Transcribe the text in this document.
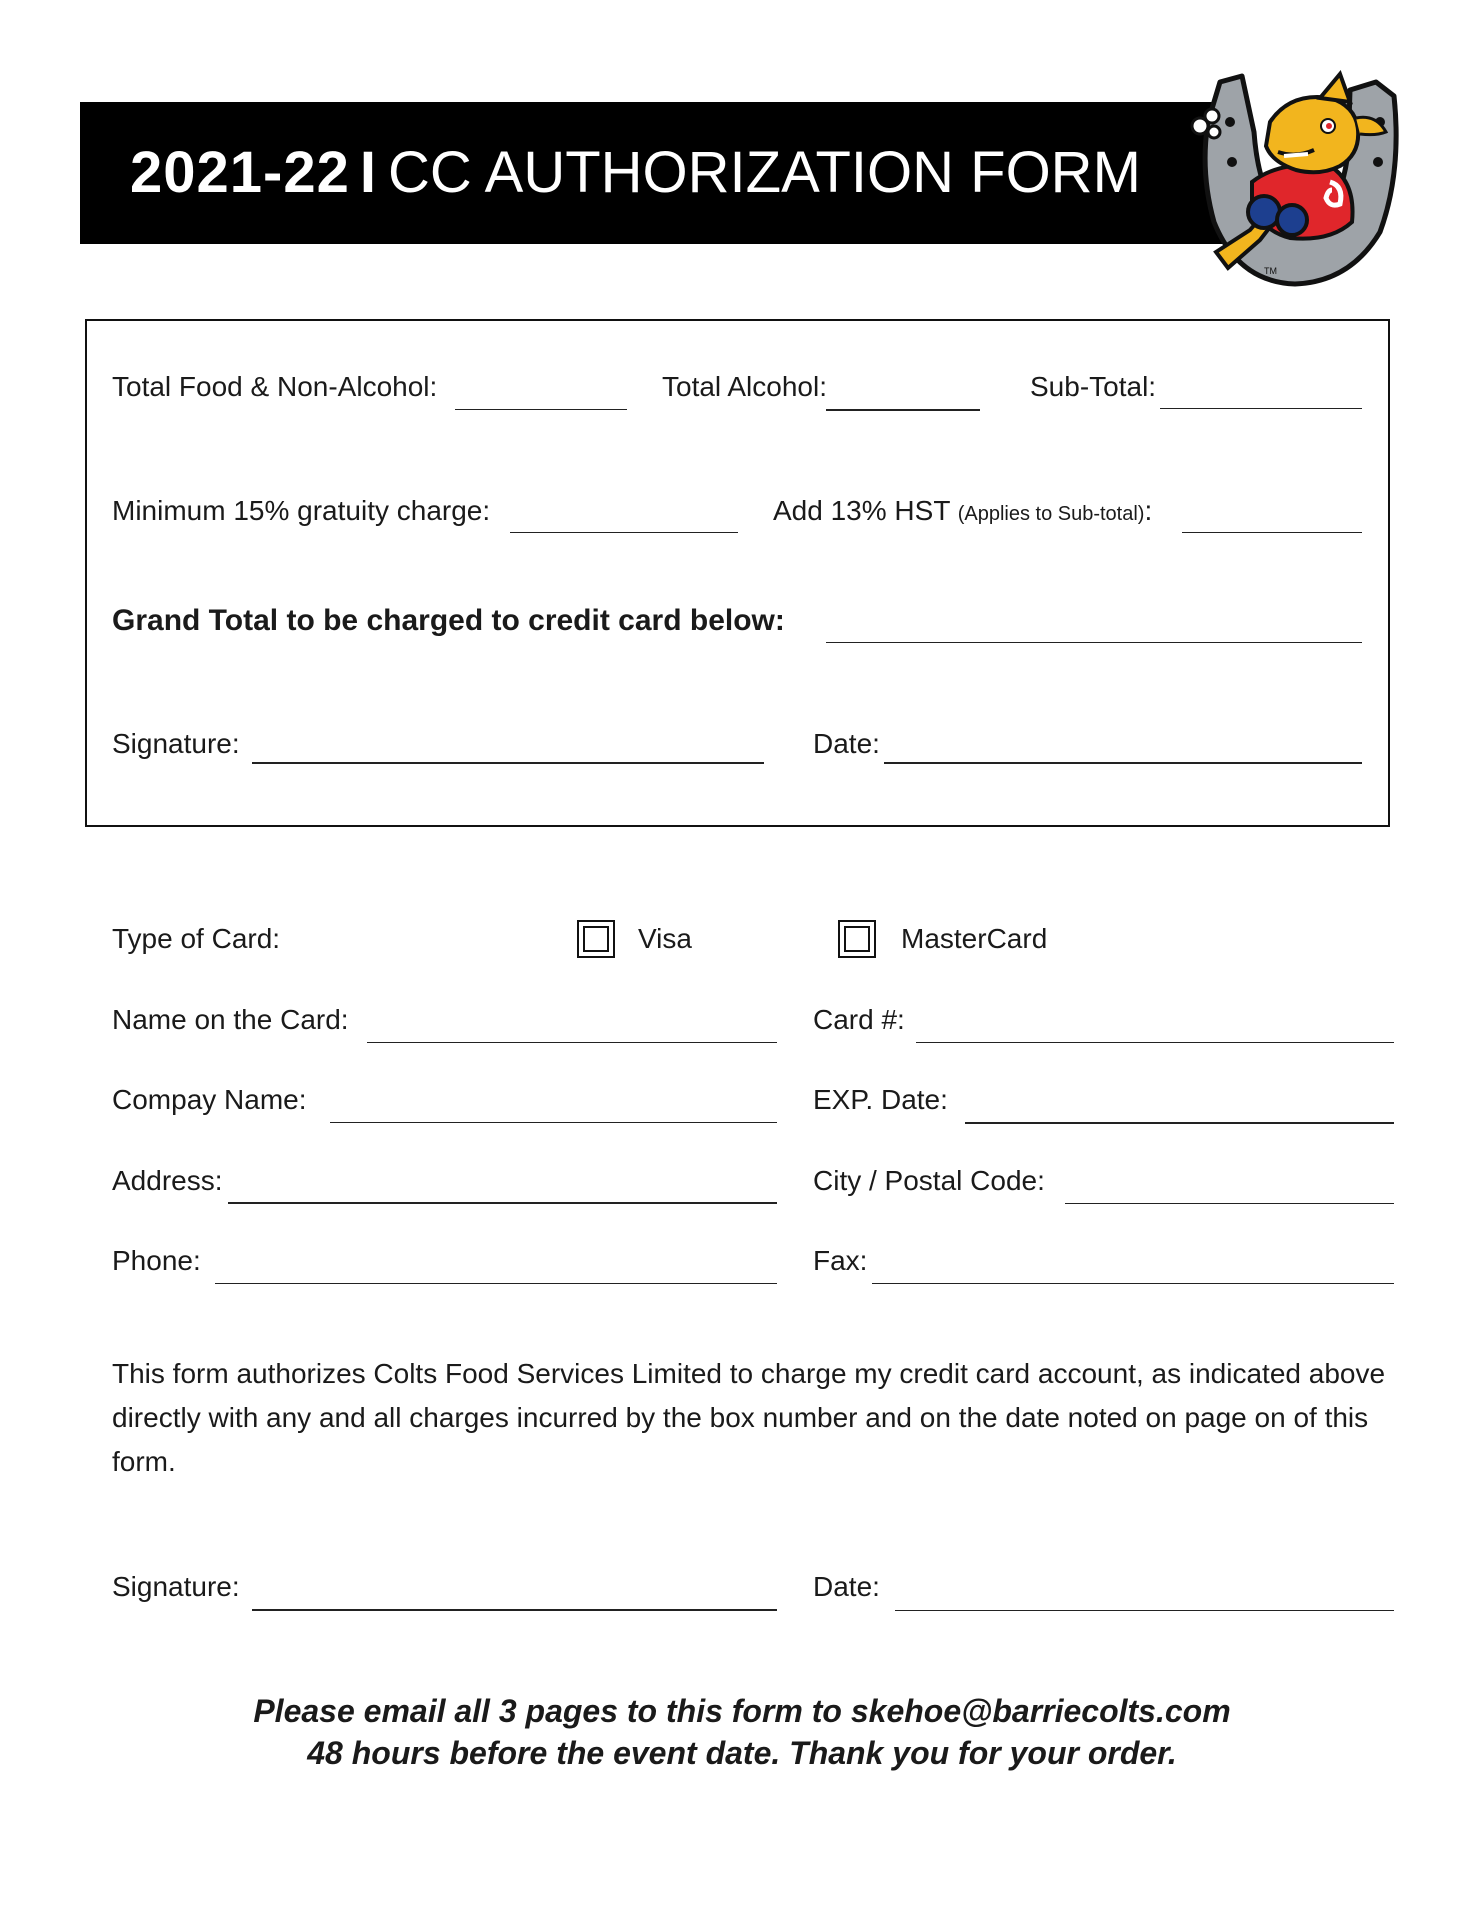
2021-22 I CC AUTHORIZATION FORM
TM
Total Food & Non-Alcohol:	Total Alcohol:	Sub-Total:
Minimum 15% gratuity charge:	Add 13% HST (Applies to Sub-total):
Grand Total to be charged to credit card below:
Signature:	Date:
Type of Card:	Visa	MasterCard
Name on the Card:	Card #:
Compay Name:	EXP. Date:
Address:	City / Postal Code:
Phone:	Fax:
This form authorizes Colts Food Services Limited to charge my credit card account, as indicated above directly with any and all charges incurred by the box number and on the date noted on page on of this form.
Signature:	Date:
Please email all 3 pages to this form to skehoe@barriecolts.com
48 hours before the event date. Thank you for your order.
